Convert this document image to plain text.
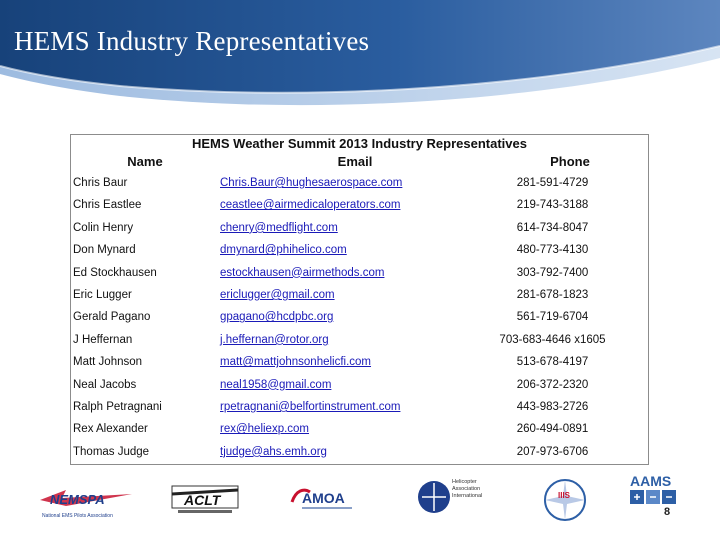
HEMS Industry Representatives
HEMS Weather Summit 2013 Industry Representatives
Name	Email	Phone
Chris Baur	Chris.Baur@hughesaerospace.com	281-591-4729
Chris Eastlee	ceastlee@airmedicaloperators.com	219-743-3188
Colin Henry	chenry@medflight.com	614-734-8047
Don Mynard	dmynard@phihelico.com	480-773-4130
Ed Stockhausen	estockhausen@airmethods.com	303-792-7400
Eric Lugger	ericlugger@gmail.com	281-678-1823
Gerald Pagano	gpagano@hcdpbc.org	561-719-6704
J Heffernan	j.heffernan@rotor.org	703-683-4646 x1605
Matt Johnson	matt@mattjohnsonhelicfi.com	513-678-4197
Neal Jacobs	neal1958@gmail.com	206-372-2320
Ralph Petragnani	rpetragnani@belfortinstrument.com	443-983-2726
Rex Alexander	rex@heliexp.com	260-494-0891
Thomas Judge	tjudge@ahs.emh.org	207-973-6706
NEMSPA
National EMS Pilots Association
ACLT	AMOA
Helicopter Association International	IIIS
AAMS
8
